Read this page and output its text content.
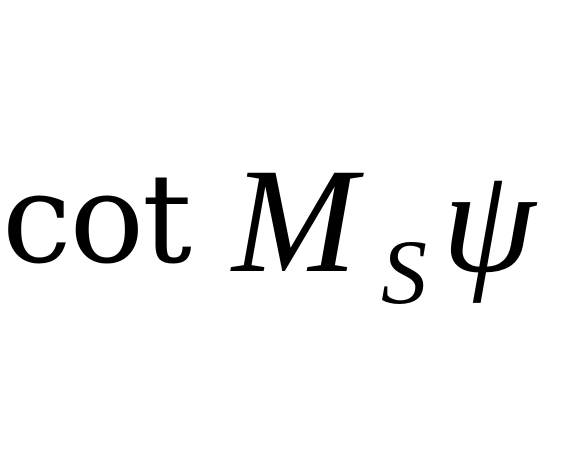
cot M S ψ
